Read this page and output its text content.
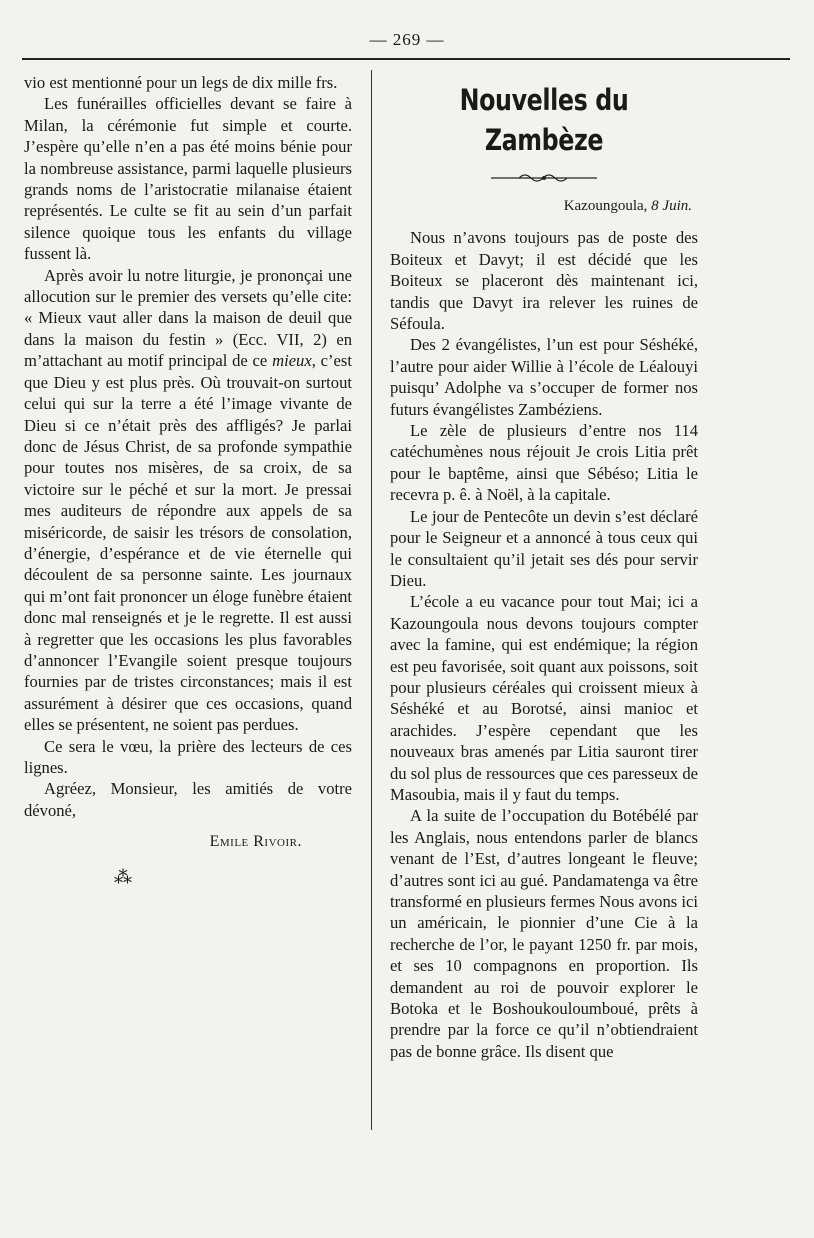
— 269 —

vio est mentionné pour un legs de dix mille frs.

Les funérailles officielles devant se faire à Milan, la cérémonie fut simple et courte. J’espère qu’elle n’en a pas été moins bénie pour la nombreuse assistance, parmi laquelle plusieurs grands noms de l’aristocratie milanaise étaient représentés. Le culte se fit au sein d’un parfait silence quoique tous les enfants du village fussent là.

Après avoir lu notre liturgie, je prononçai une allocution sur le premier des versets qu’elle cite: « Mieux vaut aller dans la maison de deuil que dans la maison du festin » (Ecc. VII, 2) en m’attachant au motif principal de ce mieux, c’est que Dieu y est plus près. Où trouvait-on surtout celui qui sur la terre a été l’image vivante de Dieu si ce n’était près des affligés? Je parlai donc de Jésus Christ, de sa profonde sympathie pour toutes nos misères, de sa croix, de sa victoire sur le péché et sur la mort. Je pressai mes auditeurs de répondre aux appels de sa miséricorde, de saisir les trésors de consolation, d’énergie, d’espérance et de vie éternelle qui découlent de sa personne sainte. Les journaux qui m’ont fait prononcer un éloge funèbre étaient donc mal renseignés et je le regrette. Il est aussi à regretter que les occasions les plus favorables d’annoncer l’Evangile soient presque toujours fournies par de tristes circonstances; mais il est assurément à désirer que ces occasions, quand elles se présentent, ne soient pas perdues.

Ce sera le vœu, la prière des lecteurs de ces lignes.

Agréez, Monsieur, les amitiés de votre dévoné,

Emile Rivoir.
⁂
Nouvelles du Zambèze
Kazoungoula, 8 Juin.

Nous n’avons toujours pas de poste des Boiteux et Davyt; il est décidé que les Boiteux se placeront dès maintenant ici, tandis que Davyt ira relever les ruines de Séfoula.

Des 2 évangélistes, l’un est pour Séshéké, l’autre pour aider Willie à l’école de Léalouyi puisqu’ Adolphe va s’occuper de former nos futurs évangélistes Zambéziens.

Le zèle de plusieurs d’entre nos 114 catéchumènes nous réjouit Je crois Litia prêt pour le baptême, ainsi que Sébéso; Litia le recevra p. ê. à Noël, à la capitale.

Le jour de Pentecôte un devin s’est déclaré pour le Seigneur et a annoncé à tous ceux qui le consultaient qu’il jetait ses dés pour servir Dieu.

L’école a eu vacance pour tout Mai; ici a Kazoungoula nous devons toujours compter avec la famine, qui est endémique; la région est peu favorisée, soit quant aux poissons, soit pour plusieurs céréales qui croissent mieux à Séshéké et au Borotsé, ainsi manioc et arachides. J’espère cependant que les nouveaux bras amenés par Litia sauront tirer du sol plus de ressources que ces paresseux de Masoubia, mais il y faut du temps.

A la suite de l’occupation du Botébélé par les Anglais, nous entendons parler de blancs venant de l’Est, d’autres longeant le fleuve; d’autres sont ici au gué. Pandamatenga va être transformé en plusieurs fermes Nous avons ici un américain, le pionnier d’une Cie à la recherche de l’or, le payant 1250 fr. par mois, et ses 10 compagnons en proportion. Ils demandent au roi de pouvoir explorer le Botoka et le Boshoukouloumboué, prêts à prendre par la force ce qu’il n’obtiendraient pas de bonne grâce. Ils disent que
